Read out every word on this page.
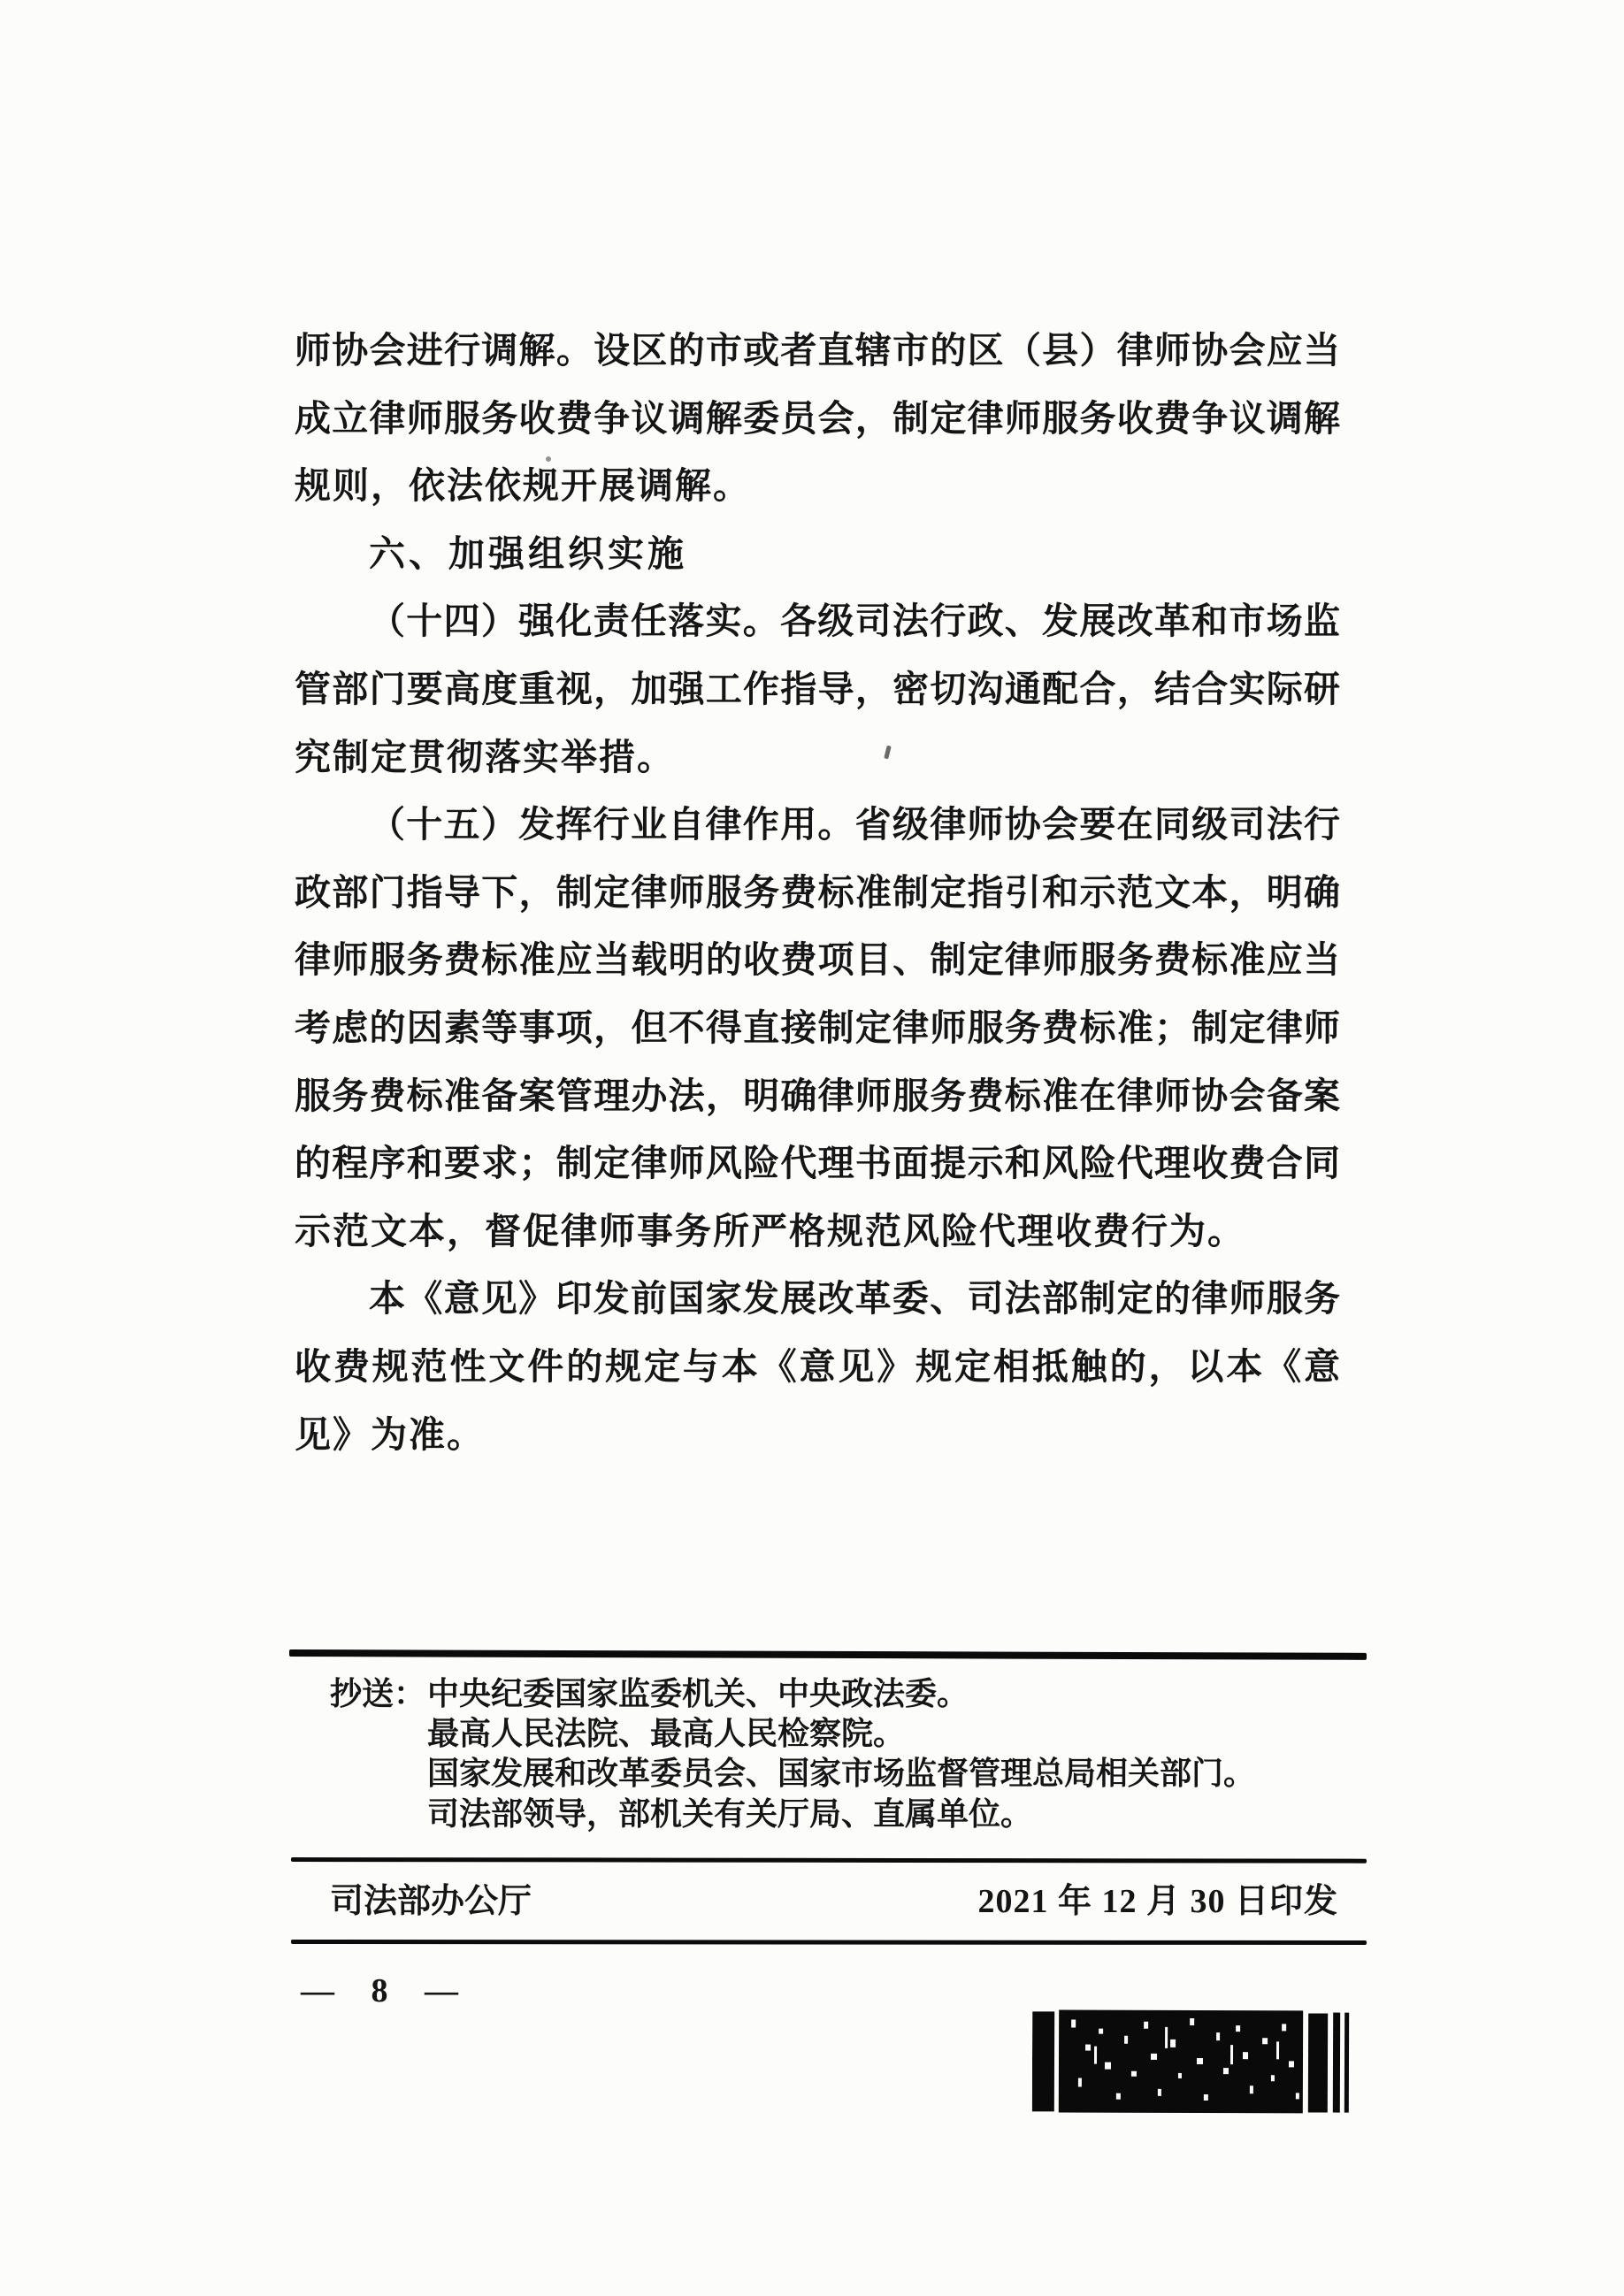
师协会进行调解。设区的市或者直辖市的区（县）律师协会应当
成立律师服务收费争议调解委员会，制定律师服务收费争议调解
规则，依法依规开展调解。
六、加强组织实施
（十四）强化责任落实。各级司法行政、发展改革和市场监
管部门要高度重视，加强工作指导，密切沟通配合，结合实际研
究制定贯彻落实举措。
（十五）发挥行业自律作用。省级律师协会要在同级司法行
政部门指导下，制定律师服务费标准制定指引和示范文本，明确
律师服务费标准应当载明的收费项目、制定律师服务费标准应当
考虑的因素等事项，但不得直接制定律师服务费标准；制定律师
服务费标准备案管理办法，明确律师服务费标准在律师协会备案
的程序和要求；制定律师风险代理书面提示和风险代理收费合同
示范文本，督促律师事务所严格规范风险代理收费行为。
本《意见》印发前国家发展改革委、司法部制定的律师服务
收费规范性文件的规定与本《意见》规定相抵触的，以本《意
见》为准。
抄送： 中央纪委国家监委机关、中央政法委。
最高人民法院、最高人民检察院。
国家发展和改革委员会、国家市场监督管理总局相关部门。
司法部领导，部机关有关厅局、直属单位。
司法部办公厅	2021 年 12 月 30 日印发
— 8 —
